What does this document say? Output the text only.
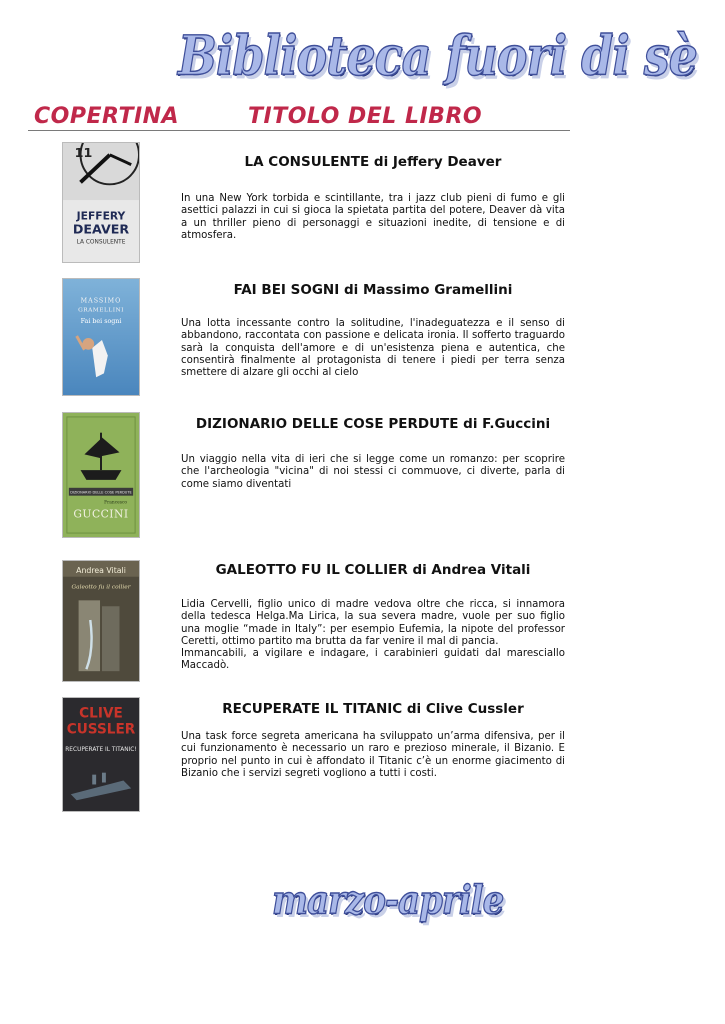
Biblioteca fuori di sè
COPERTINA	TITOLO DEL LIBRO
11
JEFFERY
DEAVER
LA CONSULENTE
LA CONSULENTE di Jeffery Deaver

In una New York torbida e scintillante, tra i jazz club pieni di fumo e gli asettici palazzi in cui si gioca la spietata partita del potere, Deaver dà vita a un thriller pieno di personaggi e situazioni inedite, di tensione e di atmosfera.

MASSIMO
GRAMELLINI
Fai bei sogni
FAI BEI SOGNI di Massimo Gramellini

Una lotta incessante contro la solitudine, l'inadeguatezza e il senso di abbandono, raccontata con passione e delicata ironia. Il sofferto traguardo sarà la conquista dell'amore e di un'esistenza piena e autentica, che consentirà finalmente al protagonista di tenere i piedi per terra senza smettere di alzare gli occhi al cielo

DIZIONARIO DELLE COSE PERDUTE
Francesco
GUCCINI
DIZIONARIO DELLE COSE PERDUTE di F.Guccini

Un viaggio nella vita di ieri che si legge come un romanzo: per scoprire che l'archeologia "vicina" di noi stessi ci commuove, ci diverte, parla di come siamo diventati

Andrea Vitali
Galeotto fu il collier
GALEOTTO FU IL COLLIER di Andrea Vitali

Lidia Cervelli, figlio unico di madre vedova oltre che ricca, si innamora della tedesca Helga.Ma Lirica, la sua severa madre, vuole per suo figlio una moglie “made in Italy”: per esempio Eufemia, la nipote del professor Ceretti, ottimo partito ma brutta da far venire il mal di pancia.

Immancabili, a vigilare e indagare, i carabinieri guidati dal maresciallo Maccadò.

CLIVE
CUSSLER
RECUPERATE IL TITANIC!
RECUPERATE IL TITANIC di Clive Cussler

Una task force segreta americana ha sviluppato un’arma difensiva, per il cui funzionamento è necessario un raro e prezioso minerale, il Bizanio. E proprio nel punto in cui è affondato il Titanic c’è un enorme giacimento di Bizanio che i servizi segreti vogliono a tutti i costi.

marzo-aprile
